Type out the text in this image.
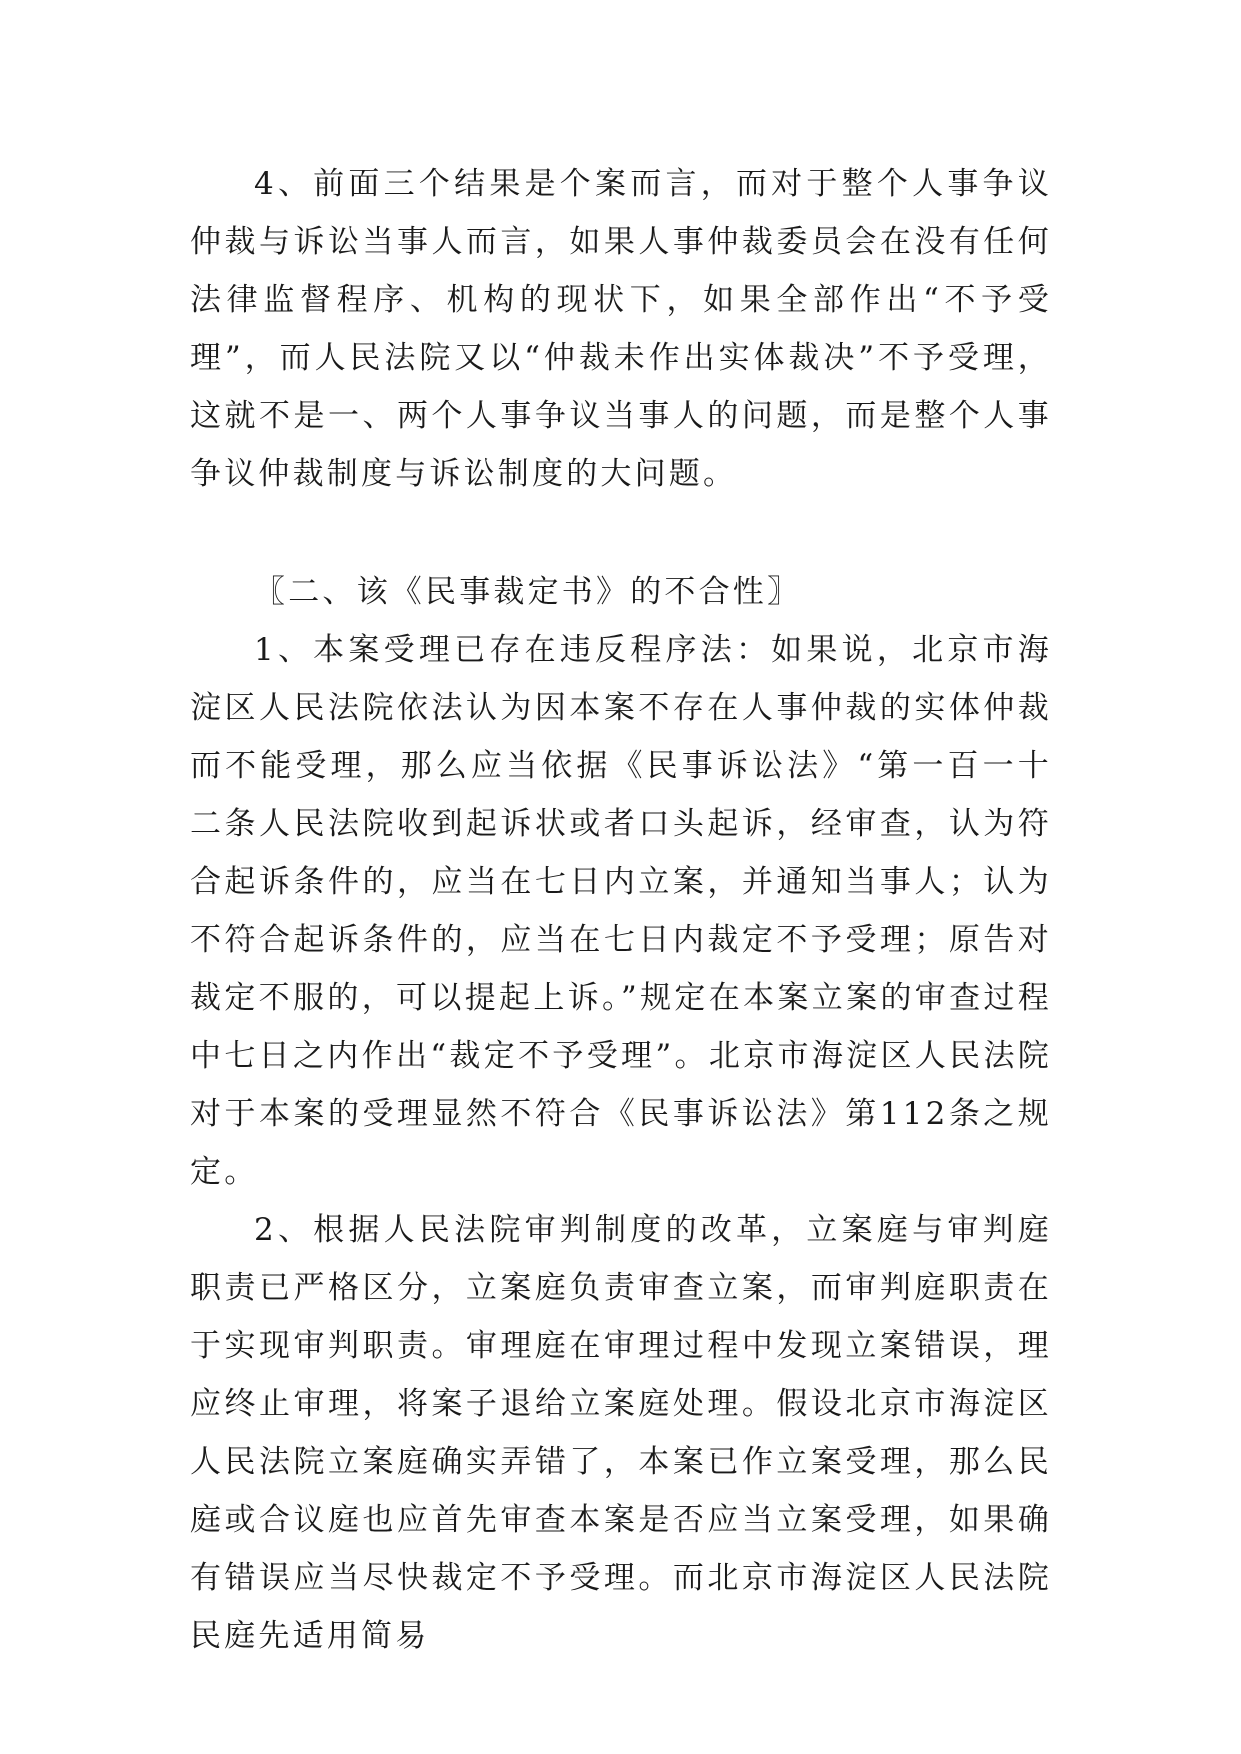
4、前面三个结果是个案而言，而对于整个人事争议仲裁与诉讼当事人而言，如果人事仲裁委员会在没有任何法律监督程序、机构的现状下，如果全部作出“不予受理”，而人民法院又以“仲裁未作出实体裁决”不予受理，这就不是一、两个人事争议当事人的问题，而是整个人事争议仲裁制度与诉讼制度的大问题。

〖二、该《民事裁定书》的不合性〗

1、本案受理已存在违反程序法：如果说，北京市海淀区人民法院依法认为因本案不存在人事仲裁的实体仲裁而不能受理，那么应当依据《民事诉讼法》“第一百一十二条人民法院收到起诉状或者口头起诉，经审查，认为符合起诉条件的，应当在七日内立案，并通知当事人；认为不符合起诉条件的，应当在七日内裁定不予受理；原告对裁定不服的，可以提起上诉。”规定在本案立案的审查过程中七日之内作出“裁定不予受理”。北京市海淀区人民法院对于本案的受理显然不符合《民事诉讼法》第112条之规定。

2、根据人民法院审判制度的改革，立案庭与审判庭职责已严格区分，立案庭负责审查立案，而审判庭职责在于实现审判职责。审理庭在审理过程中发现立案错误，理应终止审理，将案子退给立案庭处理。假设北京市海淀区人民法院立案庭确实弄错了，本案已作立案受理，那么民庭或合议庭也应首先审查本案是否应当立案受理，如果确有错误应当尽快裁定不予受理。而北京市海淀区人民法院民庭先适用简易
